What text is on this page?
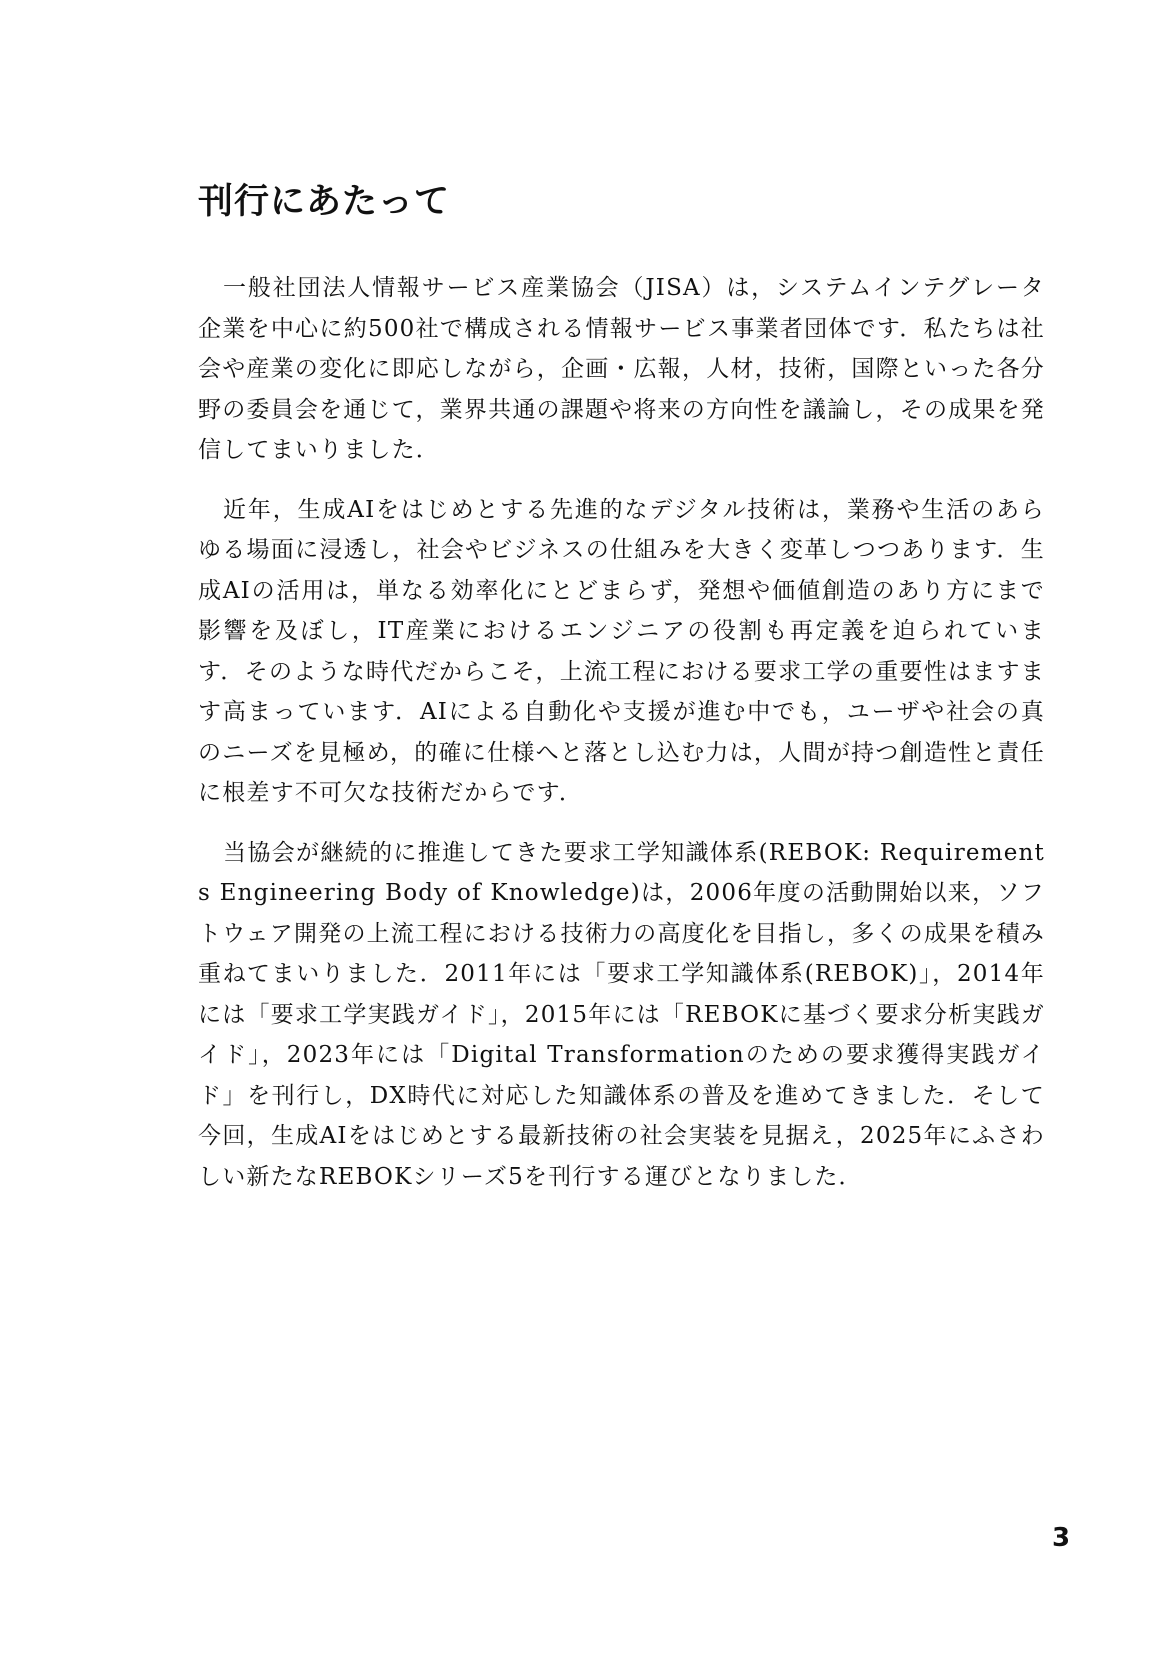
刊行にあたって

一般社団法人情報サービス産業協会（JISA）は，システムインテグレータ企業を中心に約500社で構成される情報サービス事業者団体です．私たちは社会や産業の変化に即応しながら，企画・広報，人材，技術，国際といった各分野の委員会を通じて，業界共通の課題や将来の方向性を議論し，その成果を発信してまいりました．

近年，生成AIをはじめとする先進的なデジタル技術は，業務や生活のあらゆる場面に浸透し，社会やビジネスの仕組みを大きく変革しつつあります．生成AIの活用は，単なる効率化にとどまらず，発想や価値創造のあり方にまで影響を及ぼし，IT産業におけるエンジニアの役割も再定義を迫られています．そのような時代だからこそ，上流工程における要求工学の重要性はますます高まっています．AIによる自動化や支援が進む中でも，ユーザや社会の真のニーズを見極め，的確に仕様へと落とし込む力は，人間が持つ創造性と責任に根差す不可欠な技術だからです．

当協会が継続的に推進してきた要求工学知識体系(REBOK: Requirements Engineering Body of Knowledge)は，2006年度の活動開始以来，ソフトウェア開発の上流工程における技術力の高度化を目指し，多くの成果を積み重ねてまいりました．2011年には「要求工学知識体系(REBOK)」，2014年には「要求工学実践ガイド」，2015年には「REBOKに基づく要求分析実践ガイド」，2023年には「Digital Transformationのための要求獲得実践ガイド」を刊行し，DX時代に対応した知識体系の普及を進めてきました．そして今回，生成AIをはじめとする最新技術の社会実装を見据え，2025年にふさわしい新たなREBOKシリーズ5を刊行する運びとなりました．

3
